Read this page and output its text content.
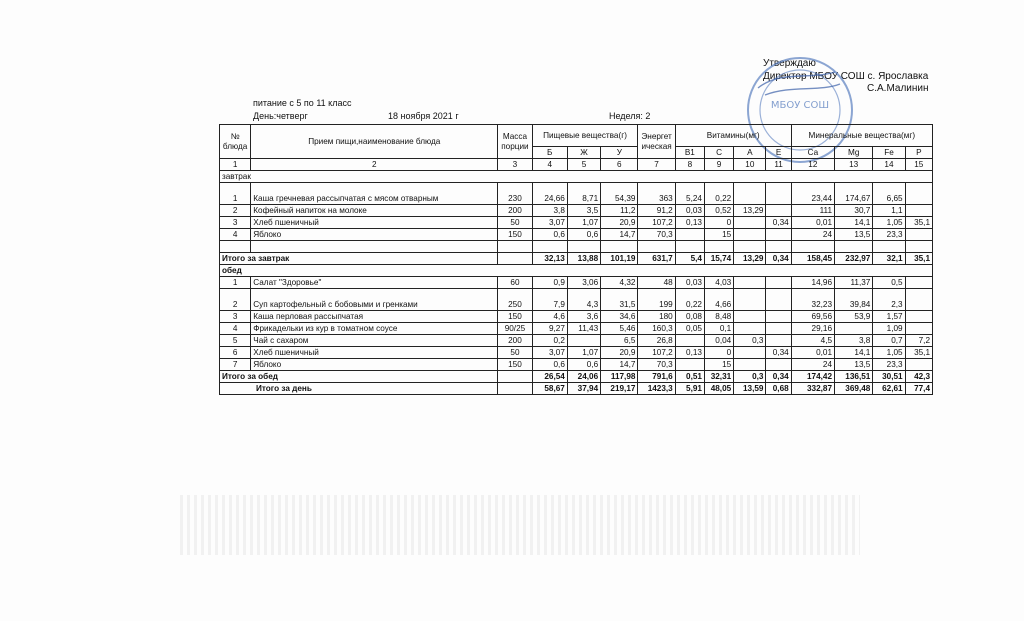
Утверждаю
Директор МБОУ СОШ с. Ярославка
С.А.Малинин
МБОУ СОШ
питание с 5 по 11 класс
День:четверг	18 ноября 2021 г	Неделя: 2
№ блюда	Прием пищи,наименование блюда	Масса порции	Пищевые вещества(г)			Энергетическая	Витамины(мг)				Минеральные вещества(мг)			
			Б	Ж	У		В1	С	А	Е	Са	Mg	Fe	Р
1	2	3	4	5	6	7	8	9	10	11	12	13	14	15
завтрак														
1	Каша гречневая рассыпчатая с мясом отварным	230	24,66	8,71	54,39	363	5,24	0,22			23,44	174,67	6,65	
2	Кофейный напиток на молоке	200	3,8	3,5	11,2	91,2	0,03	0,52	13,29		111	30,7	1,1	
3	Хлеб пшеничный	50	3,07	1,07	20,9	107,2	0,13	0		0,34	0,01	14,1	1,05	35,1
4	Яблоко	150	0,6	0,6	14,7	70,3		15			24	13,5	23,3	

Итого за завтрак			32,13	13,88	101,19	631,7	5,4	15,74	13,29	0,34	158,45	232,97	32,1	35,1
обед														
1	Салат "Здоровье"	60	0,9	3,06	4,32	48	0,03	4,03			14,96	11,37	0,5	
2	Суп картофельный с бобовыми и гренками	250	7,9	4,3	31,5	199	0,22	4,66			32,23	39,84	2,3	
3	Каша перловая рассыпчатая	150	4,6	3,6	34,6	180	0,08	8,48			69,56	53,9	1,57	
4	Фрикадельки из кур в томатном соусе	90/25	9,27	11,43	5,46	160,3	0,05	0,1			29,16		1,09	
5	Чай с сахаром	200	0,2		6,5	26,8		0,04	0,3		4,5	3,8	0,7	7,2
6	Хлеб пшеничный	50	3,07	1,07	20,9	107,2	0,13	0		0,34	0,01	14,1	1,05	35,1
7	Яблоко	150	0,6	0,6	14,7	70,3		15			24	13,5	23,3	
Итого за обед			26,54	24,06	117,98	791,6	0,51	32,31	0,3	0,34	174,42	136,51	30,51	42,3
Итого за день			58,67	37,94	219,17	1423,3	5,91	48,05	13,59	0,68	332,87	369,48	62,61	77,4
